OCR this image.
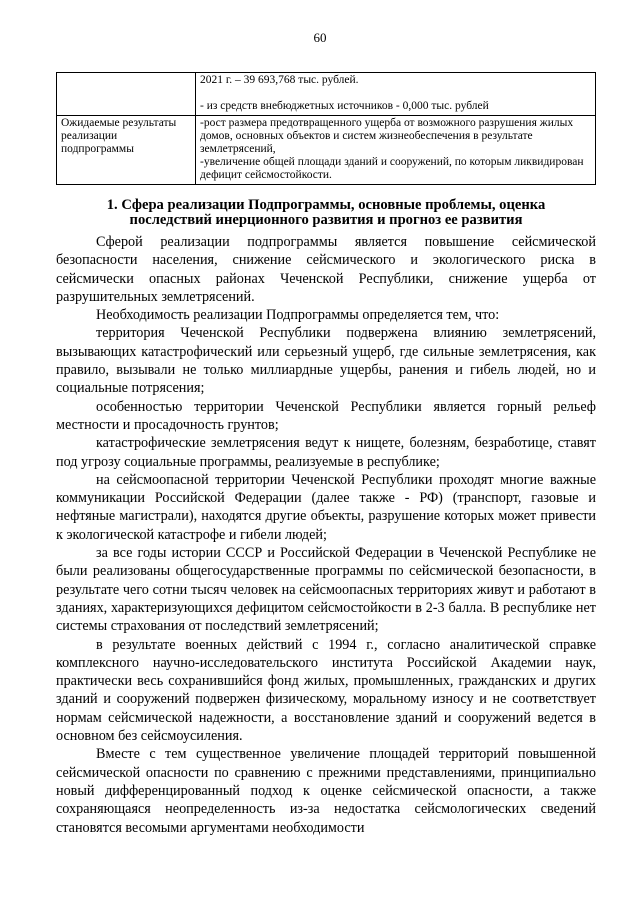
60

	2021 г. – 39 693,768 тыс. рублей.

- из средств внебюджетных источников - 0,000 тыс. рублей

Ожидаемые результаты реализации подпрограммы	-рост размера предотвращенного ущерба от возможного разрушения жилых домов, основных объектов и систем жизнеобеспечения в результате землетрясений,

-увеличение общей площади зданий и сооружений, по которым ликвидирован дефицит сейсмостойкости.

1. Сфера реализации Подпрограммы, основные проблемы, оценка
последствий инерционного развития и прогноз ее развития

Сферой реализации подпрограммы является повышение сейсмической безопасности населения, снижение сейсмического и экологического риска в сейсмически опасных районах Чеченской Республики, снижение ущерба от разрушительных землетрясений.

Необходимость реализации Подпрограммы определяется тем, что:

территория Чеченской Республики подвержена влиянию землетрясений, вызывающих катастрофический или серьезный ущерб, где сильные землетрясения, как правило, вызывали не только миллиардные ущербы, ранения и гибель людей, но и социальные потрясения;

особенностью территории Чеченской Республики является горный рельеф местности и просадочность грунтов;

катастрофические землетрясения ведут к нищете, болезням, безработице, ставят под угрозу социальные программы, реализуемые в республике;

на сейсмоопасной территории Чеченской Республики проходят многие важные коммуникации Российской Федерации (далее также - РФ) (транспорт, газовые и нефтяные магистрали), находятся другие объекты, разрушение которых может привести к экологической катастрофе и гибели людей;

за все годы истории СССР и Российской Федерации в Чеченской Республике не были реализованы общегосударственные программы по сейсмической безопасности, в результате чего сотни тысяч человек на сейсмоопасных территориях живут и работают в зданиях, характеризующихся дефицитом сейсмостойкости в 2-3 балла. В республике нет системы страхования от последствий землетрясений;

в результате военных действий с 1994 г., согласно аналитической справке комплексного научно-исследовательского института Российской Академии наук, практически весь сохранившийся фонд жилых, промышленных, гражданских и других зданий и сооружений подвержен физическому, моральному износу и не соответствует нормам сейсмической надежности, а восстановление зданий и сооружений ведется в основном без сейсмоусиления.

Вместе с тем существенное увеличение площадей территорий повышенной сейсмической опасности по сравнению с прежними представлениями, принципиально новый дифференцированный подход к оценке сейсмической опасности, а также сохраняющаяся неопределенность из-за недостатка сейсмологических сведений становятся весомыми аргументами необходимости
